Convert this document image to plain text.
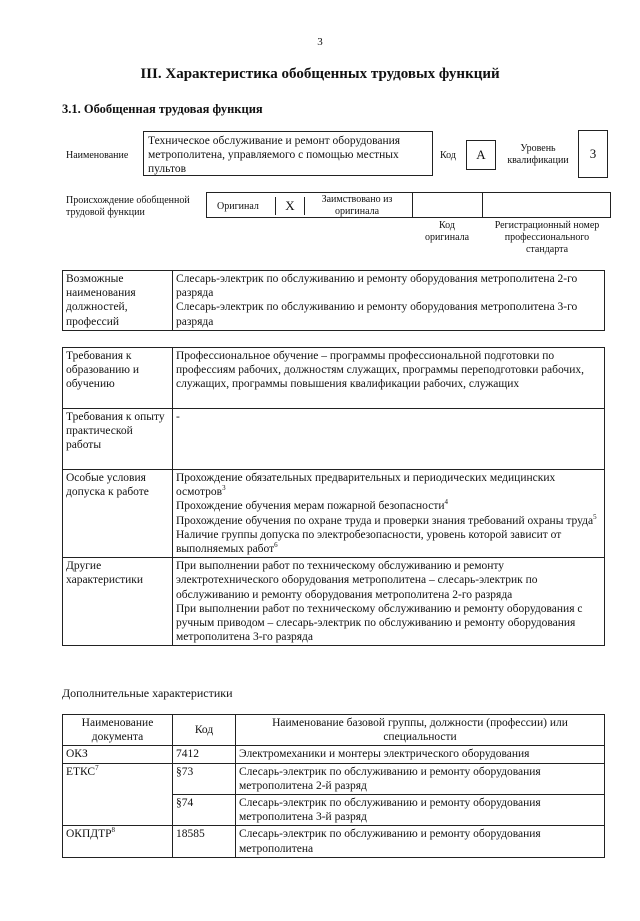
3
III. Характеристика обобщенных трудовых функций
3.1. Обобщенная трудовая функция
Наименование
Техническое обслуживание и ремонт оборудования метрополитена, управляемого с помощью местных пультов
Код	А	Уровень квалификации	3
Происхождение обобщенной трудовой функции
Оригинал	Х	Заимствовано из оригинала
Код оригинала
Регистрационный номер профессионального стандарта
Возможные наименования должностей, профессий	
Слесарь-электрик по обслуживанию и ремонту оборудования метрополитена 2-го разряда
Слесарь-электрик по обслуживанию и ремонту оборудования метрополитена 3-го разряда
Требования к образованию и обучению	Профессиональное обучение – программы профессиональной подготовки по профессиям рабочих, должностям служащих, программы переподготовки рабочих, служащих, программы повышения квалификации рабочих, служащих
Требования к опыту практической работы	-
Особые условия допуска к работе	Прохождение обязательных предварительных и периодических медицинских осмотров$^3$
Прохождение обучения мерам пожарной безопасности$^4$
Прохождение обучения по охране труда и проверки знания требований охраны труда$^5$
Наличие группы допуска по электробезопасности, уровень которой зависит от выполняемых работ$^6$

Другие характеристики	При выполнении работ по техническому обслуживанию и ремонту электротехнического оборудования метрополитена – слесарь-электрик по обслуживанию и ремонту оборудования метрополитена 2-го разряда
При выполнении работ по техническому обслуживанию и ремонту оборудования с ручным приводом – слесарь-электрик по обслуживанию и ремонту оборудования метрополитена 3-го разряда
Дополнительные характеристики
Наименование документа	Код	Наименование базовой группы, должности (профессии) или специальности
ОКЗ	7412	Электромеханики и монтеры электрического оборудования
ЕТКС$^7$	§73	Слесарь-электрик по обслуживанию и ремонту оборудования метрополитена 2-й разряд
	§74	Слесарь-электрик по обслуживанию и ремонту оборудования метрополитена 3-й разряд
ОКПДТР$^8$	18585	Слесарь-электрик по обслуживанию и ремонту оборудования метрополитена
